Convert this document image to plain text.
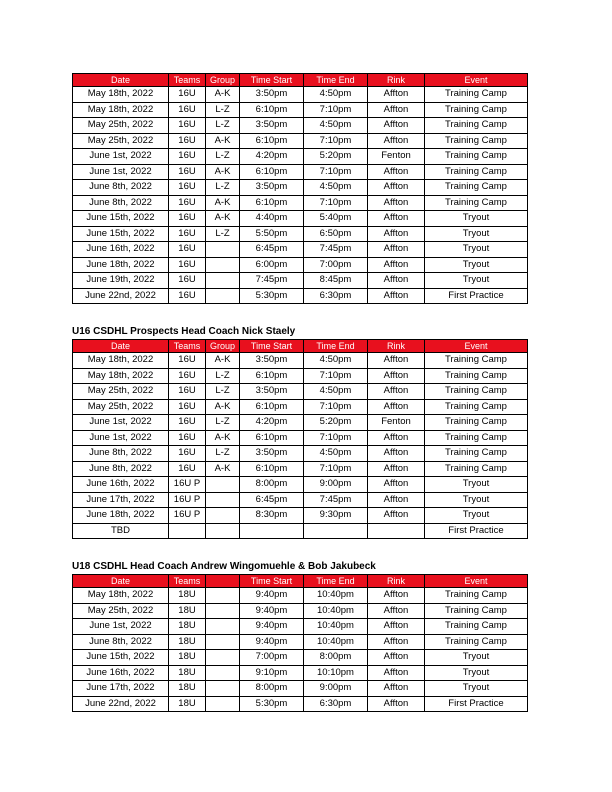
Date	Teams	Group	Time Start	Time End	Rink	Event
May 18th, 2022	16U	A-K	3:50pm	4:50pm	Affton	Training Camp
May 18th, 2022	16U	L-Z	6:10pm	7:10pm	Affton	Training Camp
May 25th, 2022	16U	L-Z	3:50pm	4:50pm	Affton	Training Camp
May 25th, 2022	16U	A-K	6:10pm	7:10pm	Affton	Training Camp
June 1st, 2022	16U	L-Z	4:20pm	5:20pm	Fenton	Training Camp
June 1st, 2022	16U	A-K	6:10pm	7:10pm	Affton	Training Camp
June 8th, 2022	16U	L-Z	3:50pm	4:50pm	Affton	Training Camp
June 8th, 2022	16U	A-K	6:10pm	7:10pm	Affton	Training Camp
June 15th, 2022	16U	A-K	4:40pm	5:40pm	Affton	Tryout
June 15th, 2022	16U	L-Z	5:50pm	6:50pm	Affton	Tryout
June 16th, 2022	16U		6:45pm	7:45pm	Affton	Tryout
June 18th, 2022	16U		6:00pm	7:00pm	Affton	Tryout
June 19th, 2022	16U		7:45pm	8:45pm	Affton	Tryout
June 22nd, 2022	16U		5:30pm	6:30pm	Affton	First Practice
U16 CSDHL Prospects Head Coach Nick Staely
Date	Teams	Group	Time Start	Time End	Rink	Event
May 18th, 2022	16U	A-K	3:50pm	4:50pm	Affton	Training Camp
May 18th, 2022	16U	L-Z	6:10pm	7:10pm	Affton	Training Camp
May 25th, 2022	16U	L-Z	3:50pm	4:50pm	Affton	Training Camp
May 25th, 2022	16U	A-K	6:10pm	7:10pm	Affton	Training Camp
June 1st, 2022	16U	L-Z	4:20pm	5:20pm	Fenton	Training Camp
June 1st, 2022	16U	A-K	6:10pm	7:10pm	Affton	Training Camp
June 8th, 2022	16U	L-Z	3:50pm	4:50pm	Affton	Training Camp
June 8th, 2022	16U	A-K	6:10pm	7:10pm	Affton	Training Camp
June 16th, 2022	16U P		8:00pm	9:00pm	Affton	Tryout
June 17th, 2022	16U P		6:45pm	7:45pm	Affton	Tryout
June 18th, 2022	16U P		8:30pm	9:30pm	Affton	Tryout
TBD						First Practice
U18 CSDHL Head Coach Andrew Wingomuehle & Bob Jakubeck
Date	Teams		Time Start	Time End	Rink	Event
May 18th, 2022	18U		9:40pm	10:40pm	Affton	Training Camp
May 25th, 2022	18U		9:40pm	10:40pm	Affton	Training Camp
June 1st, 2022	18U		9:40pm	10:40pm	Affton	Training Camp
June 8th, 2022	18U		9:40pm	10:40pm	Affton	Training Camp
June 15th, 2022	18U		7:00pm	8:00pm	Affton	Tryout
June 16th, 2022	18U		9:10pm	10:10pm	Affton	Tryout
June 17th, 2022	18U		8:00pm	9:00pm	Affton	Tryout
June 22nd, 2022	18U		5:30pm	6:30pm	Affton	First Practice
